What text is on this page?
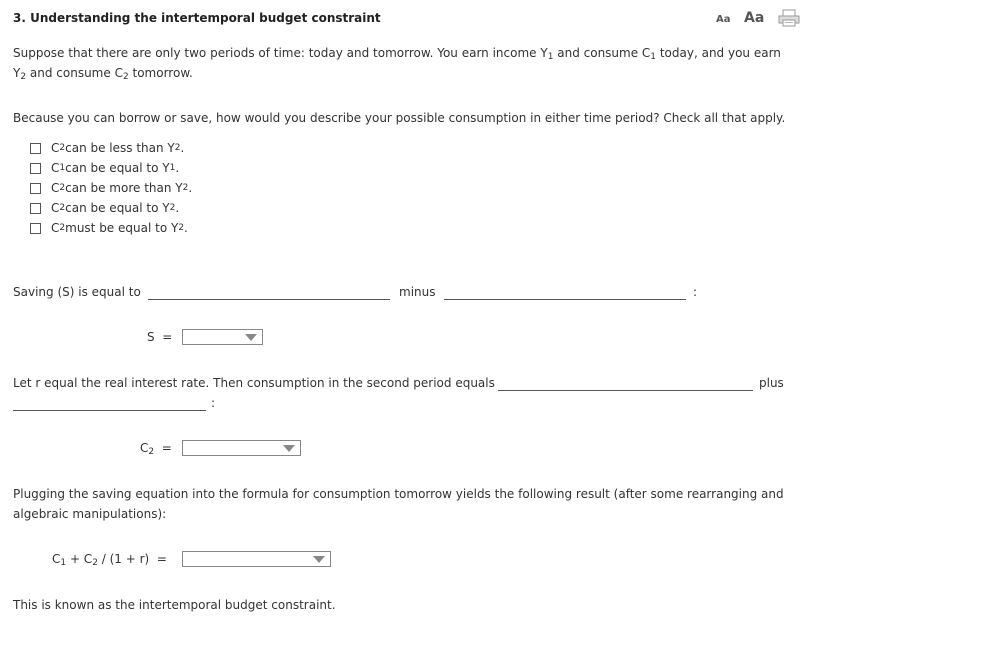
3. Understanding the intertemporal budget constraint	Aa Aa
Suppose that there are only two periods of time: today and tomorrow. You earn income $Y_1$ and consume $C_1$ today, and you earn
$Y_2$ and consume $C_2$ tomorrow.
Because you can borrow or save, how would you describe your possible consumption in either time period? Check all that apply.
C 2 can be less than Y 2 .
C 1 can be equal to Y 1 .
C 2 can be more than Y 2 .
C 2 can be equal to Y 2 .
C 2 must be equal to Y 2 .
Saving (S) is equal to	minus	:
S =
Let r equal the real interest rate. Then consumption in the second period equals	plus
:
$C_2$ =
Plugging the saving equation into the formula for consumption tomorrow yields the following result (after some rearranging and algebraic manipulations):
$C_1 + C_2 / (1 + r)$ =
This is known as the intertemporal budget constraint.
